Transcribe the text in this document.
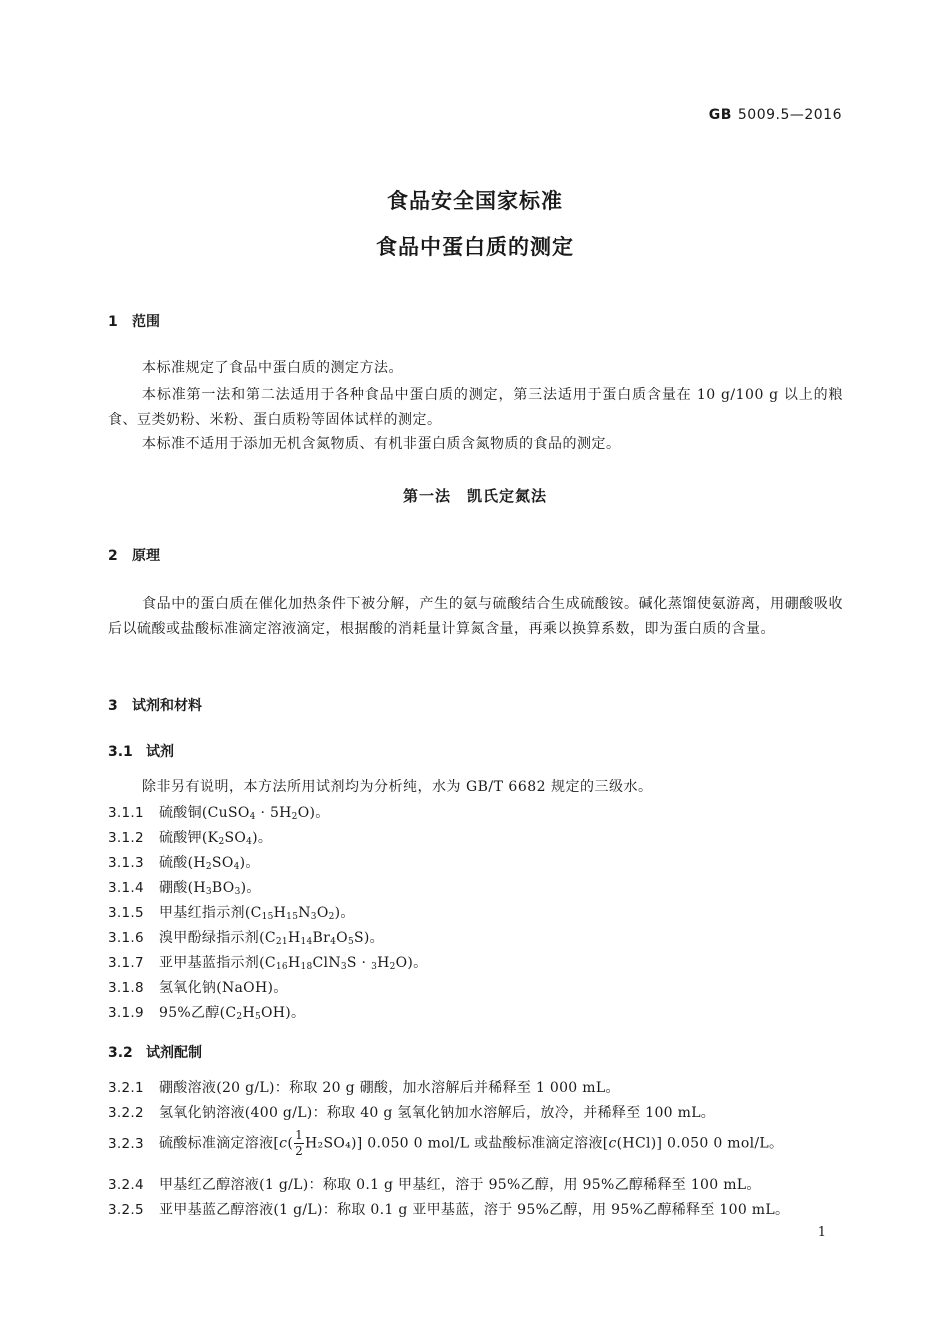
GB 5009.5—2016
食品安全国家标准
食品中蛋白质的测定
1 范围
本标准规定了食品中蛋白质的测定方法。
本标准第一法和第二法适用于各种食品中蛋白质的测定，第三法适用于蛋白质含量在 10 g/100 g 以上的粮食、豆类奶粉、米粉、蛋白质粉等固体试样的测定。
本标准不适用于添加无机含氮物质、有机非蛋白质含氮物质的食品的测定。
第一法　凯氏定氮法
2 原理
食品中的蛋白质在催化加热条件下被分解，产生的氨与硫酸结合生成硫酸铵。碱化蒸馏使氨游离，用硼酸吸收后以硫酸或盐酸标准滴定溶液滴定，根据酸的消耗量计算氮含量，再乘以换算系数，即为蛋白质的含量。
3 试剂和材料
3.1 试剂
除非另有说明，本方法所用试剂均为分析纯，水为 GB/T 6682 规定的三级水。
3.1.1 硫酸铜(CuSO$_4$ · $5H_2O$)。
3.1.2 硫酸钾$(K_2SO_4)$。
3.1.3 硫酸$(H_2SO_4)$。
3.1.4 硼酸$(H_3BO_3)$。
3.1.5 甲基红指示剂$(C_{15}H_{15}N_3O_2)$。
3.1.6 溴甲酚绿指示剂$(C_{21}H_{14}Br_4O_5S)$。
3.1.7 亚甲基蓝指示剂$(C_{16}H_{18}ClN_3S \cdot _3H_2O)$。
3.1.8 氢氧化钠(NaOH)。
3.1.9 95%乙醇$(C_2H_5OH)$。
3.2 试剂配制
3.2.1 硼酸溶液(20 g/L)：称取 20 g 硼酸，加水溶解后并稀释至 1 000 mL。
3.2.2 氢氧化钠溶液(400 g/L)：称取 40 g 氢氧化钠加水溶解后，放冷，并稀释至 100 mL。
3.2.3 硫酸标准滴定溶液$[c( \frac{1}{2} H_2SO_4)]$ 0.050 0 mol/L 或盐酸标准滴定溶液[c(HCl)] 0.050 0 mol/L。
3.2.4 甲基红乙醇溶液(1 g/L)：称取 0.1 g 甲基红，溶于 95%乙醇，用 95%乙醇稀释至 100 mL。
3.2.5 亚甲基蓝乙醇溶液(1 g/L)：称取 0.1 g 亚甲基蓝，溶于 95%乙醇，用 95%乙醇稀释至 100 mL。
1
